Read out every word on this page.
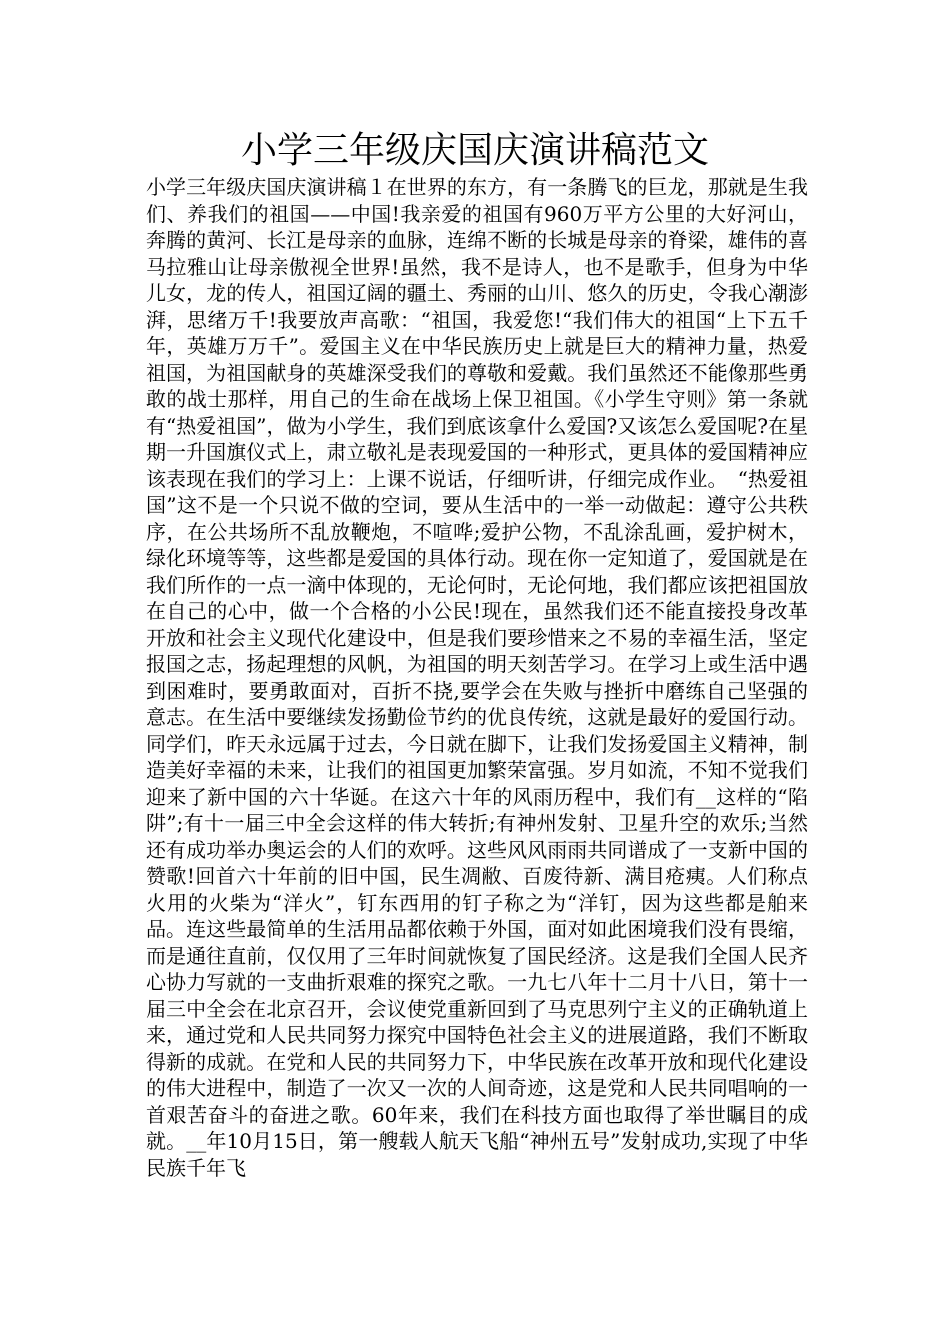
小学三年级庆国庆演讲稿范文

小学三年级庆国庆演讲稿１在世界的东方，有一条腾飞的巨龙，那就是生我们、养我们的祖国——中国!我亲爱的祖国有960万平方公里的大好河山，奔腾的黄河、长江是母亲的血脉，连绵不断的长城是母亲的脊梁，雄伟的喜马拉雅山让母亲傲视全世界!虽然，我不是诗人，也不是歌手，但身为中华儿女，龙的传人，祖国辽阔的疆土、秀丽的山川、悠久的历史，令我心潮澎湃，思绪万千!我要放声高歌：“祖国，我爱您!“我们伟大的祖国“上下五千年，英雄万万千”。爱国主义在中华民族历史上就是巨大的精神力量，热爱祖国，为祖国献身的英雄深受我们的尊敬和爱戴。我们虽然还不能像那些勇敢的战士那样，用自己的生命在战场上保卫祖国。《小学生守则》第一条就有“热爱祖国”，做为小学生，我们到底该拿什么爱国?又该怎么爱国呢?在星期一升国旗仪式上，肃立敬礼是表现爱国的一种形式，更具体的爱国精神应该表现在我们的学习上：上课不说话，仔细听讲，仔细完成作业。　“热爱祖国”这不是一个只说不做的空词，要从生活中的一举一动做起：遵守公共秩序，在公共场所不乱放鞭炮，不喧哗;爱护公物，不乱涂乱画，爱护树木，绿化环境等等，这些都是爱国的具体行动。现在你一定知道了，爱国就是在我们所作的一点一滴中体现的，无论何时，无论何地，我们都应该把祖国放在自己的心中，做一个合格的小公民!现在，虽然我们还不能直接投身改革开放和社会主义现代化建设中，但是我们要珍惜来之不易的幸福生活，坚定报国之志，扬起理想的风帆，为祖国的明天刻苦学习。在学习上或生活中遇到困难时，要勇敢面对，百折不挠,要学会在失败与挫折中磨练自己坚强的意志。在生活中要继续发扬勤俭节约的优良传统，这就是最好的爱国行动。同学们，昨天永远属于过去，今日就在脚下，让我们发扬爱国主义精神，制造美好幸福的未来，让我们的祖国更加繁荣富强。岁月如流，不知不觉我们迎来了新中国的六十华诞。在这六十年的风雨历程中，我们有__这样的“陷阱”;有十一届三中全会这样的伟大转折;有神州发射、卫星升空的欢乐;当然还有成功举办奥运会的人们的欢呼。这些风风雨雨共同谱成了一支新中国的赞歌!回首六十年前的旧中国，民生凋敝、百废待新、满目疮痍。人们称点火用的火柴为“洋火”，钉东西用的钉子称之为“洋钉，因为这些都是舶来品。连这些最简单的生活用品都依赖于外国，面对如此困境我们没有畏缩，而是通往直前，仅仅用了三年时间就恢复了国民经济。这是我们全国人民齐心协力写就的一支曲折艰难的探究之歌。一九七八年十二月十八日，第十一届三中全会在北京召开，会议使党重新回到了马克思列宁主义的正确轨道上来，通过党和人民共同努力探究中国特色社会主义的进展道路，我们不断取得新的成就。在党和人民的共同努力下，中华民族在改革开放和现代化建设的伟大进程中，制造了一次又一次的人间奇迹，这是党和人民共同唱响的一首艰苦奋斗的奋进之歌。60年来，我们在科技方面也取得了举世瞩目的成就。__年10月15日，第一艘载人航天飞船“神州五号”发射成功,实现了中华民族千年飞
